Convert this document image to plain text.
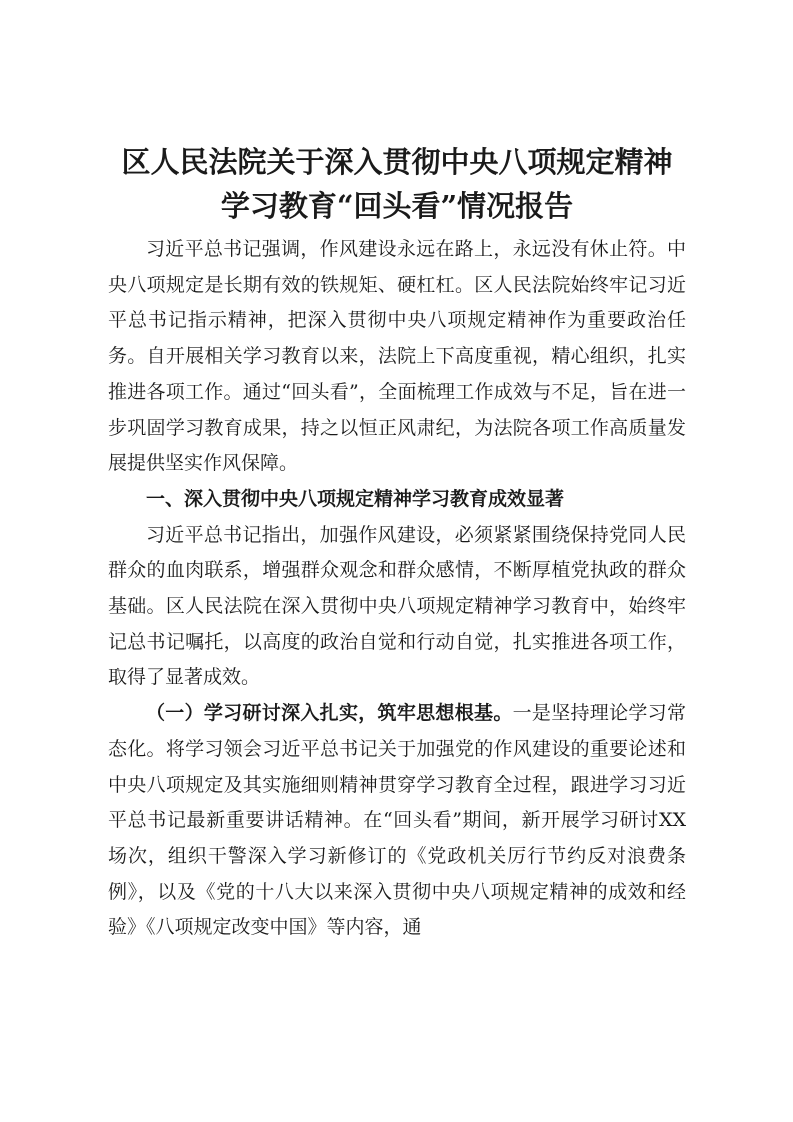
区人民法院关于深入贯彻中央八项规定精神学习教育“回头看”情况报告

习近平总书记强调，作风建设永远在路上，永远没有休止符。中央八项规定是长期有效的铁规矩、硬杠杠。区人民法院始终牢记习近平总书记指示精神，把深入贯彻中央八项规定精神作为重要政治任务。自开展相关学习教育以来，法院上下高度重视，精心组织，扎实推进各项工作。通过“回头看”，全面梳理工作成效与不足，旨在进一步巩固学习教育成果，持之以恒正风肃纪，为法院各项工作高质量发展提供坚实作风保障。

一、深入贯彻中央八项规定精神学习教育成效显著

习近平总书记指出，加强作风建设，必须紧紧围绕保持党同人民群众的血肉联系，增强群众观念和群众感情，不断厚植党执政的群众基础。区人民法院在深入贯彻中央八项规定精神学习教育中，始终牢记总书记嘱托，以高度的政治自觉和行动自觉，扎实推进各项工作，取得了显著成效。

（一）学习研讨深入扎实，筑牢思想根基。一是坚持理论学习常态化。将学习领会习近平总书记关于加强党的作风建设的重要论述和中央八项规定及其实施细则精神贯穿学习教育全过程，跟进学习习近平总书记最新重要讲话精神。在“回头看”期间，新开展学习研讨XX场次，组织干警深入学习新修订的《党政机关厉行节约反对浪费条例》，以及《党的十八大以来深入贯彻中央八项规定精神的成效和经验》《八项规定改变中国》等内容，通
